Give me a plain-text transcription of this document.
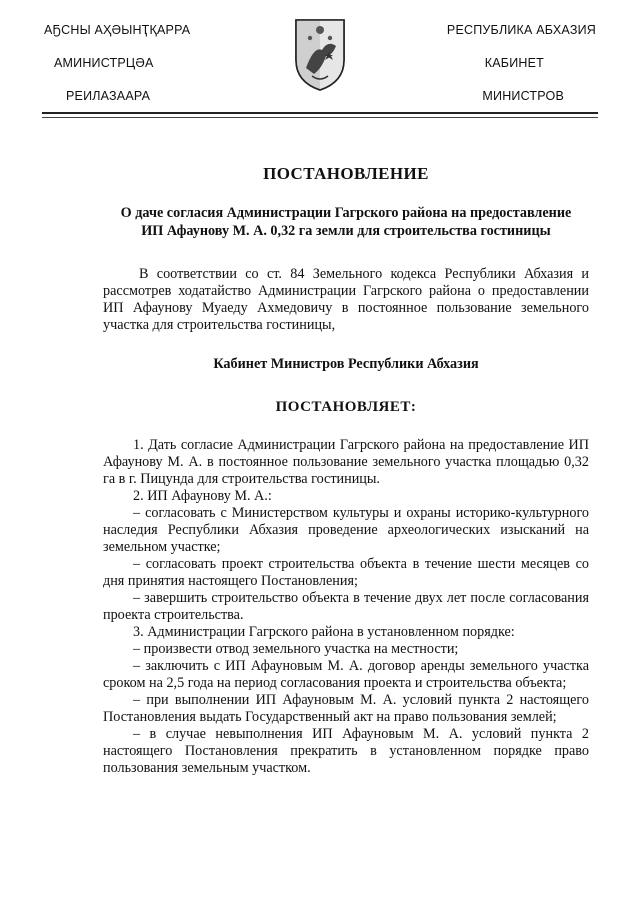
АҔСНЫ АҲӘЫНҬҚАРРА
АМИНИСТРЦӘА
РЕИЛАЗААРА
РЕСПУБЛИКА АБХАЗИЯ
КАБИНЕТ
МИНИСТРОВ
ПОСТАНОВЛЕНИЕ
О даче согласия Администрации Гагрского района на предоставление
ИП Афаунову М. А. 0,32 га земли для строительства гостиницы

В соответствии со ст. 84 Земельного кодекса Республики Абхазия и рассмотрев ходатайство Администрации Гагрского района о предоставлении ИП Афаунову Муаеду Ахмедовичу в постоянное пользование земельного участка для строительства гостиницы,

Кабинет Министров Республики Абхазия
ПОСТАНОВЛЯЕТ:

1. Дать согласие Администрации Гагрского района на предоставление ИП Афаунову М. А. в постоянное пользование земельного участка площадью 0,32 га в г. Пицунда для строительства гостиницы.

2. ИП Афаунову М. А.:

– согласовать с Министерством культуры и охраны историко-культурного наследия Республики Абхазия проведение археологических изысканий на земельном участке;

– согласовать проект строительства объекта в течение шести месяцев со дня принятия настоящего Постановления;

– завершить строительство объекта в течение двух лет после согласования проекта строительства.

3. Администрации Гагрского района в установленном порядке:

– произвести отвод земельного участка на местности;

– заключить с ИП Афауновым М. А. договор аренды земельного участка сроком на 2,5 года на период согласования проекта и строительства объекта;

– при выполнении ИП Афауновым М. А. условий пункта 2 настоящего Постановления выдать Государственный акт на право пользования землей;

– в случае невыполнения ИП Афауновым М. А. условий пункта 2 настоящего Постановления прекратить в установленном порядке право пользования земельным участком.
